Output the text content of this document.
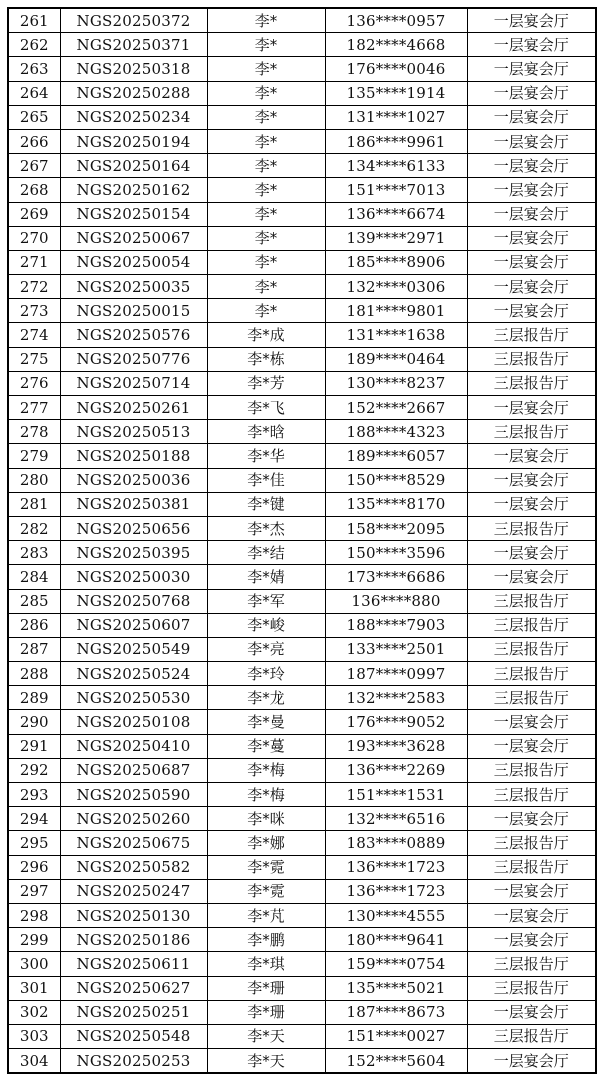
261	NGS20250372	李*	136****0957	一层宴会厅
262	NGS20250371	李*	182****4668	一层宴会厅
263	NGS20250318	李*	176****0046	一层宴会厅
264	NGS20250288	李*	135****1914	一层宴会厅
265	NGS20250234	李*	131****1027	一层宴会厅
266	NGS20250194	李*	186****9961	一层宴会厅
267	NGS20250164	李*	134****6133	一层宴会厅
268	NGS20250162	李*	151****7013	一层宴会厅
269	NGS20250154	李*	136****6674	一层宴会厅
270	NGS20250067	李*	139****2971	一层宴会厅
271	NGS20250054	李*	185****8906	一层宴会厅
272	NGS20250035	李*	132****0306	一层宴会厅
273	NGS20250015	李*	181****9801	一层宴会厅
274	NGS20250576	李*成	131****1638	三层报告厅
275	NGS20250776	李*栋	189****0464	三层报告厅
276	NGS20250714	李*芳	130****8237	三层报告厅
277	NGS20250261	李*飞	152****2667	一层宴会厅
278	NGS20250513	李*晗	188****4323	三层报告厅
279	NGS20250188	李*华	189****6057	一层宴会厅
280	NGS20250036	李*佳	150****8529	一层宴会厅
281	NGS20250381	李*键	135****8170	一层宴会厅
282	NGS20250656	李*杰	158****2095	三层报告厅
283	NGS20250395	李*结	150****3596	一层宴会厅
284	NGS20250030	李*婧	173****6686	一层宴会厅
285	NGS20250768	李*军	136****880	三层报告厅
286	NGS20250607	李*峻	188****7903	三层报告厅
287	NGS20250549	李*亮	133****2501	三层报告厅
288	NGS20250524	李*玲	187****0997	三层报告厅
289	NGS20250530	李*龙	132****2583	三层报告厅
290	NGS20250108	李*曼	176****9052	一层宴会厅
291	NGS20250410	李*蔓	193****3628	一层宴会厅
292	NGS20250687	李*梅	136****2269	三层报告厅
293	NGS20250590	李*梅	151****1531	三层报告厅
294	NGS20250260	李*咪	132****6516	一层宴会厅
295	NGS20250675	李*娜	183****0889	三层报告厅
296	NGS20250582	李*霓	136****1723	三层报告厅
297	NGS20250247	李*霓	136****1723	一层宴会厅
298	NGS20250130	李*芃	130****4555	一层宴会厅
299	NGS20250186	李*鹏	180****9641	一层宴会厅
300	NGS20250611	李*琪	159****0754	三层报告厅
301	NGS20250627	李*珊	135****5021	三层报告厅
302	NGS20250251	李*珊	187****8673	一层宴会厅
303	NGS20250548	李*天	151****0027	三层报告厅
304	NGS20250253	李*天	152****5604	一层宴会厅
